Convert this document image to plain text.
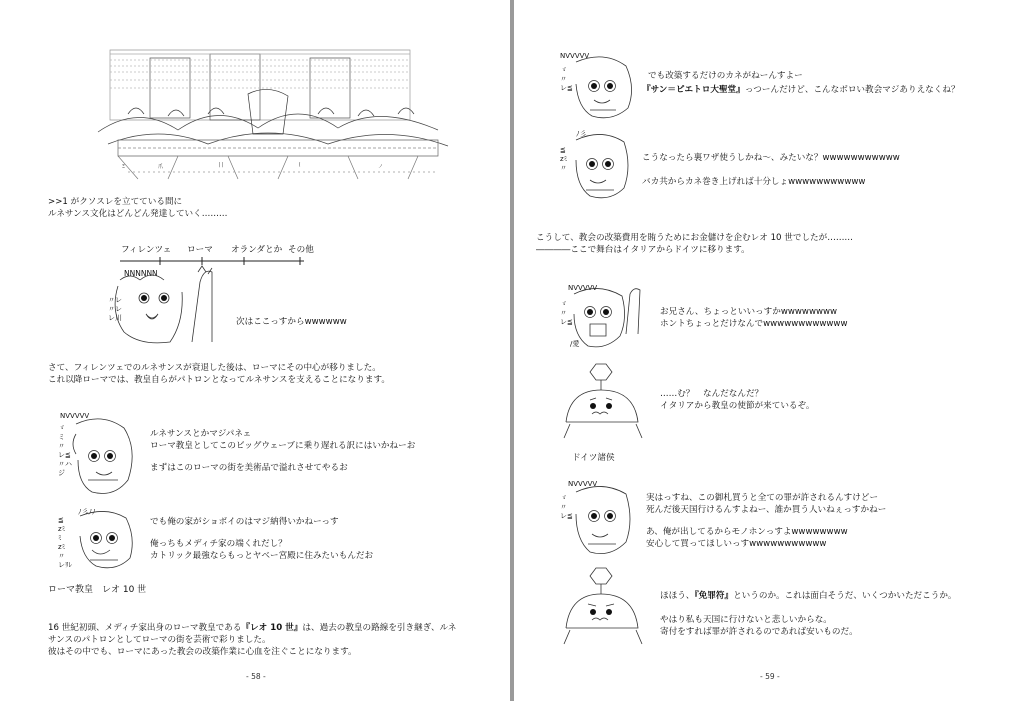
Ξ	爪	||	(	ノ
>>1 がクソスレを立てている間に
ルネサンス文化はどんどん発達していく………
フィレンツェ ローマ オランダとか その他
NNNNNN
〃レ
〃レ
レ川	次はここっすからwwwwww
さて、フィレンツェでのルネサンスが衰退した後は、ローマにその中心が移りました。
これ以降ローマでは、教皇自らがパトロンとなってルネサンスを支えることになります。
NVVVVV
ゞ
ミ
〃
レ≦
〃ハ
ジ
ルネサンスとかマジパネェ
ローマ教皇としてこのビッグウェーブに乗り遅れる訳にはいかねーお
まずはこのローマの街を美術品で溢れさせてやるお
ﾉ彡ﾉﾉ
≦
zﾐ
ﾐ
zﾐ
〃
レﾘﾚ
でも俺の家がショボイのはマジ納得いかねーっす
俺っちもメディチ家の端くれだし？
カトリック最強ならもっとヤベー宮殿に住みたいもんだお
ローマ教皇　レオ 10 世
16 世紀初頭、メディチ家出身のローマ教皇である『レオ 10 世』は、過去の教皇の路線を引き継ぎ、ルネ
サンスのパトロンとしてローマの街を芸術で彩りました。
彼はその中でも、ローマにあった教会の改築作業に心血を注ぐことになります。
- 58 -
NVVVVV
ゞ
〃
レ≦
でも改築するだけのカネがねーんすよー
『サン＝ピエトロ大聖堂』っつーんだけど、こんなボロい教会マジありえなくね？
ﾉ彡
≦
zﾐ
〃
こうなったら裏ワザ使うしかね～、みたいな？wwwwwwwwwww
バカ共からカネ巻き上げれば十分しょwwwwwwwwwww
こうして、教会の改築費用を賄うためにお金儲けを企むレオ 10 世でしたが………
――――ここで舞台はイタリアからドイツに移ります。
NVVVVV
ゞ
〃
レ≦
/愛
お兄さん、ちょっといいっすかwwwwwwww
ホントちょっとだけなんでwwwwwwwwwwww
……む？　なんだなんだ？
イタリアから教皇の使節が来ているぞ。
ドイツ諸侯
NVVVVV
ゞ
〃
レ≦
実はっすね、この御札買うと全ての罪が許されるんすけどー
死んだ後天国行けるんすよねー、誰か買う人いねぇっすかねー
あ、俺が出してるからモノホンっすよwwwwwwww
安心して買ってほしいっすwwwwwwwwwww
ほほう、『免罪符』というのか。これは面白そうだ、いくつかいただこうか。
やはり私も天国に行けないと悲しいからな。
寄付をすれば罪が許されるのであれば安いものだ。
- 59 -
